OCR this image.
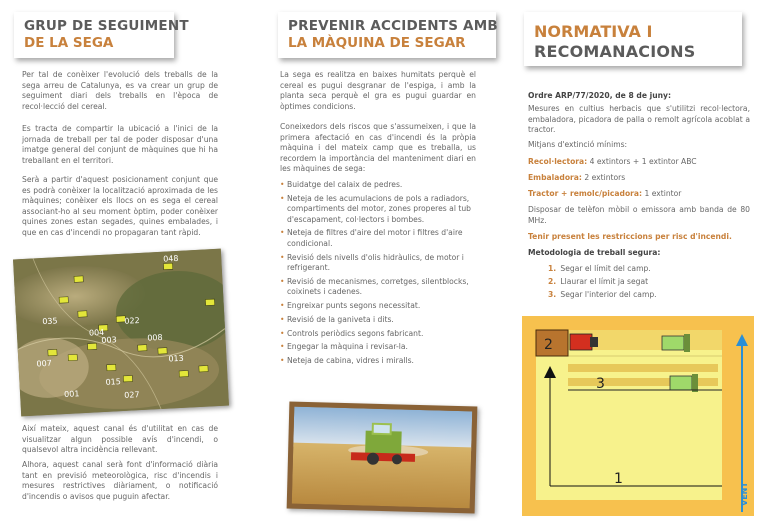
GRUP DE SEGUIMENT
DE LA SEGA
Per tal de conèixer l'evolució dels treballs de la sega arreu de Catalunya, es va crear un grup de seguiment diari dels treballs en l'època de recol·lecció del cereal.
Es tracta de compartir la ubicació a l'inici de la jornada de treball per tal de poder disposar d'una imatge general del conjunt de màquines que hi ha treballant en el territori.
Serà a partir d'aquest posicionament conjunt que es podrà conèixer la localització aproximada de les màquines; conèixer els llocs on es sega el cereal associant-ho al seu moment òptim, poder conèixer quines zones estan segades, quines embalades, i que en cas d'incendi no propagaran tant ràpid.
048
035
007
004
003
001
015
013
008
027
022
Així mateix, aquest canal és d'utilitat en cas de visualitzar algun possible avís d'incendi, o qualsevol altra incidència rellevant.
Alhora, aquest canal serà font d'informació diària tant en previsió meteorològica, risc d'incendis i mesures restrictives diàriament, o notificació d'incendis o avisos que puguin afectar.
PREVENIR ACCIDENTS AMB
LA MÀQUINA DE SEGAR
La sega es realitza en baixes humitats perquè el cereal es pugui desgranar de l'espiga, i amb la planta seca perquè el gra es pugui guardar en òptimes condicions.
Coneixedors dels riscos que s'assumeixen, i que la primera afectació en cas d'incendi és la pròpia màquina i del mateix camp que es treballa, us recordem la importància del manteniment diari en les màquines de sega:
• Buidatge del calaix de pedres.
• Neteja de les acumulacions de pols a radiadors, compartiments del motor, zones properes al tub d'escapament, col·lectors i bombes.
• Neteja de filtres d'aire del motor i filtres d'aire condicional.
• Revisió dels nivells d'olis hidràulics, de motor i refrigerant.
• Revisió de mecanismes, corretges, silentblocks, coixinets i cadenes.
• Engreixar punts segons necessitat.
• Revisió de la ganiveta i dits.
• Controls periòdics segons fabricant.
• Engegar la màquina i revisar-la.
• Neteja de cabina, vidres i miralls.
NORMATIVA I
RECOMANACIONS
Ordre ARP/77/2020, de 8 de juny:
Mesures en cultius herbacis que s'utilitzi recol·lectora, embaladora, picadora de palla o remolt agrícola acoblat a tractor.
Mitjans d'extinció mínims:
Recol·lectora: 4 extintors + 1 extintor ABC
Embaladora: 2 extintors
Tractor + remolc/picadora: 1 extintor
Disposar de telèfon mòbil o emissora amb banda de 80 MHz.
Tenir present les restriccions per risc d'incendi.
Metodologia de treball segura:
1. Segar el límit del camp.
2. Llaurar el límit ja segat
3. Segar l'interior del camp.
2
3
1
VENT
